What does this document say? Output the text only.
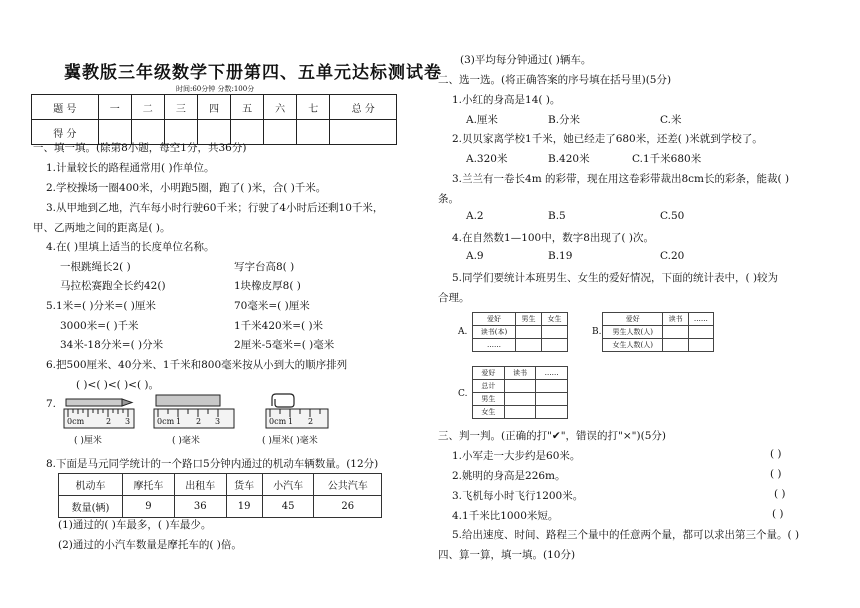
冀教版三年级数学下册第四、五单元达标测试卷
时间:60分钟 分数:100分
题 号	一	二	三	四	五	六	七	总 分
得 分								
一、填一填。(除第8小题，每空1分，共36分)
1.计量较长的路程通常用( )作单位。
2.学校操场一圈400米，小明跑5圈，跑了( )米，合( )千米。
3.从甲地到乙地，汽车每小时行驶60千米；行驶了4小时后还剩10千米，
甲、乙两地之间的距离是( )。
4.在( )里填上适当的长度单位名称。
一根跳绳长2( )	写字台高8( )
马拉松赛跑全长约42()	1块橡皮厚8( )
5.1米=( )分米=( )厘米	70毫米=( )厘米
3000米=( )千米	1千米420米=( )米
34米-18分米=( )分米	2厘米-5毫米=( )毫米
6.把500厘米、40分米、1千米和800毫米按从小到大的顺序排列
( )<( )<( )<( )。
7.
0cm	2 3
( )厘米
0cm 1 2 3
( )毫米
0cm 1 2
( )厘米( )毫米
8.下面是马元同学统计的一个路口5分钟内通过的机动车辆数量。(12分)
机动车	摩托车	出租车	货车	小汽车	公共汽车
数量(辆)	9	36	19	45	26
(1)通过的( )车最多，( )车最少。
(2)通过的小汽车数量是摩托车的( )倍。
(3)平均每分钟通过( )辆车。
二、选一选。(将正确答案的序号填在括号里)(5分)
1.小红的身高是14( )。
A.厘米	B.分米	C.米
2.贝贝家离学校1千米，她已经走了680米，还差( )米就到学校了。
A.320米	B.420米	C.1千米680米
3.兰兰有一卷长4m 的彩带，现在用这卷彩带裁出8cm长的彩条，能裁( )
条。
A.2	B.5	C.50
4.在自然数1—100中，数字8出现了( )次。
A.9	B.19	C.20
5.同学们要统计本班男生、女生的爱好情况，下面的统计表中，( )较为
合理。
A.
爱好	男生	女生
读书(本)		
……		
B.
爱好	读书	……
男生人数(人)		
女生人数(人)		
C.
爱好	读书	……
总计		
男生		
女生		
三、判一判。(正确的打"✔"，错误的打"×")(5分)
1.小军走一大步约是60米。	( )
2.姚明的身高是226m。	( )
3.飞机每小时飞行1200米。	( )
4.1千米比1000米短。	( )
5.给出速度、时间、路程三个量中的任意两个量，都可以求出第三个量。( )
四、算一算，填一填。(10分)
